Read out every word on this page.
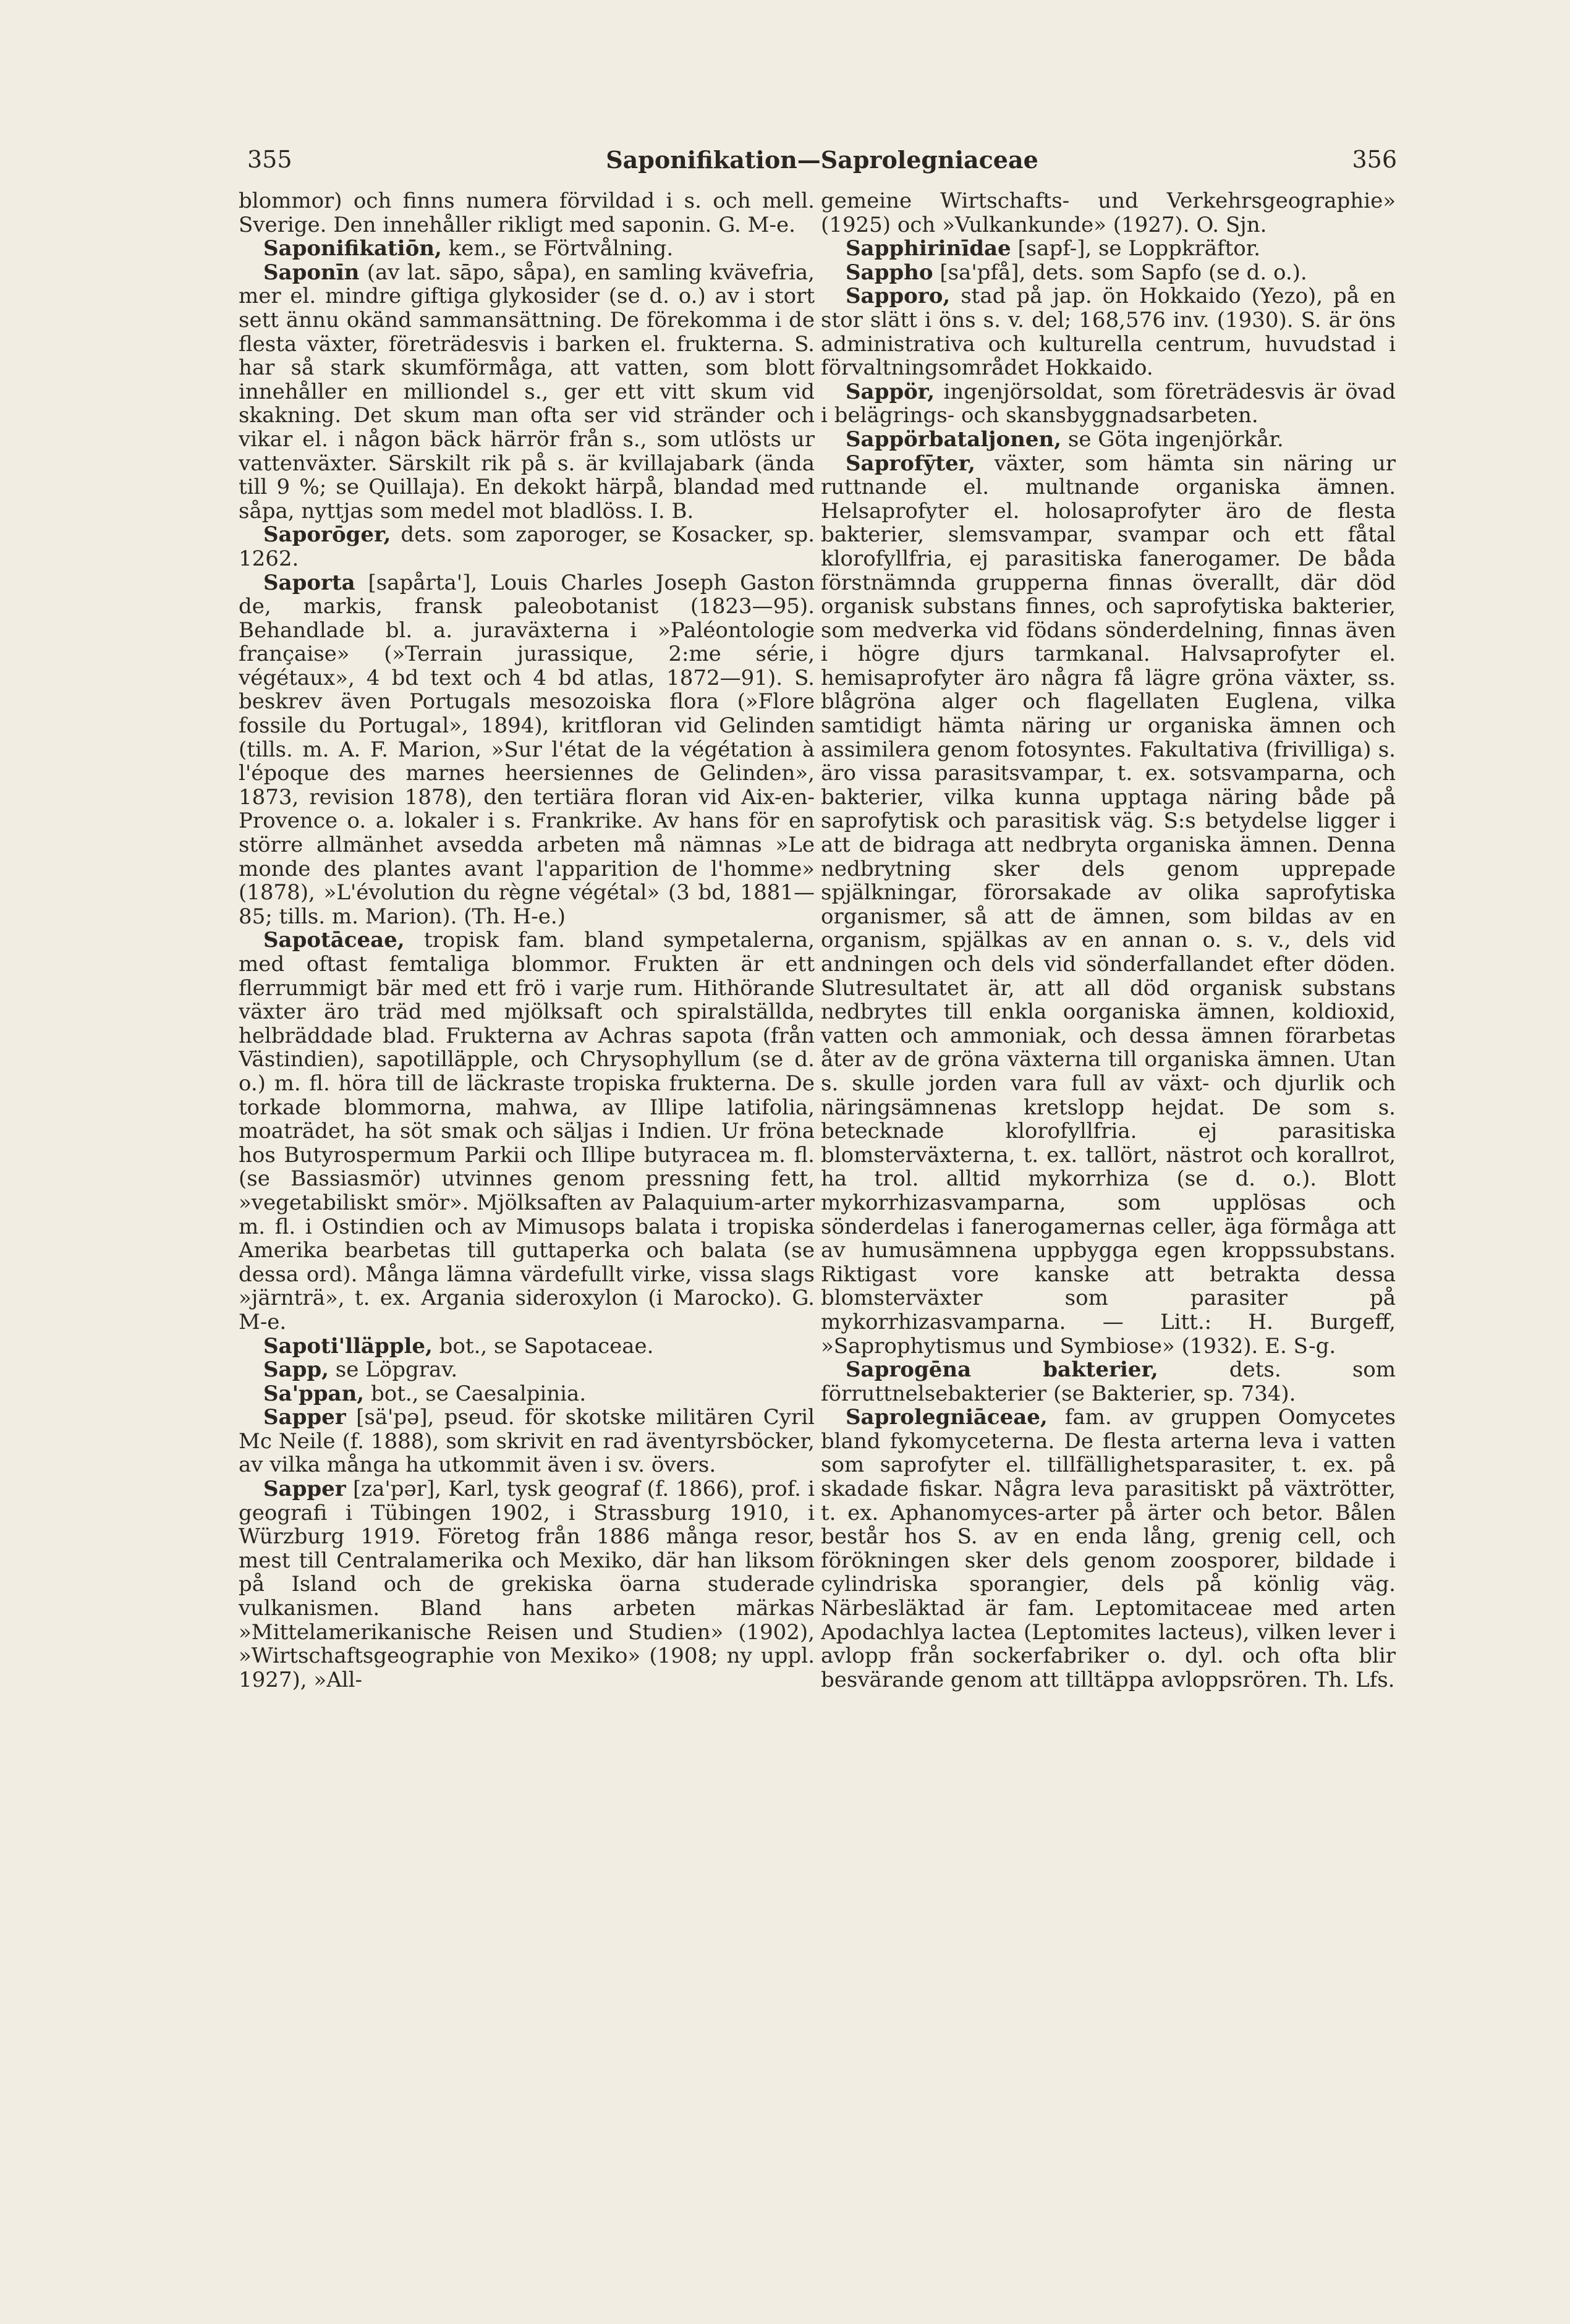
355	Saponifikation—Saprolegniaceae	356

blommor) och finns numera förvildad i s. och mell. Sverige. Den innehåller rikligt med saponin. G. M-e.

Saponifikatiōn, kem., se Förtvålning.

Saponīn (av lat. sāpo, såpa), en samling kvävefria, mer el. mindre giftiga glykosider (se d. o.) av i stort sett ännu okänd sammansättning. De förekomma i de flesta växter, företrädesvis i barken el. frukterna. S. har så stark skumförmåga, att vatten, som blott innehåller en milliondel s., ger ett vitt skum vid skakning. Det skum man ofta ser vid stränder och vikar el. i någon bäck härrör från s., som utlösts ur vattenväxter. Särskilt rik på s. är kvillajabark (ända till 9 %; se Quillaja). En dekokt härpå, blandad med såpa, nyttjas som medel mot bladlöss. I. B.

Saporōger, dets. som zaporoger, se Kosacker, sp. 1262.

Saporta [sapårta'], Louis Charles Joseph Gaston de, markis, fransk paleobotanist (1823—95). Behandlade bl. a. juraväxterna i »Paléontologie française» (»Terrain jurassique, 2:me série, végétaux», 4 bd text och 4 bd atlas, 1872—91). S. beskrev även Portugals mesozoiska flora (»Flore fossile du Portugal», 1894), kritfloran vid Gelinden (tills. m. A. F. Marion, »Sur l'état de la végétation à l'époque des marnes heersiennes de Gelinden», 1873, revision 1878), den tertiära floran vid Aix-en-Provence o. a. lokaler i s. Frankrike. Av hans för en större allmänhet avsedda arbeten må nämnas »Le monde des plantes avant l'apparition de l'homme» (1878), »L'évolution du règne végétal» (3 bd, 1881—85; tills. m. Marion). (Th. H-e.)

Sapotāceae, tropisk fam. bland sympetalerna, med oftast femtaliga blommor. Frukten är ett flerrummigt bär med ett frö i varje rum. Hithörande växter äro träd med mjölksaft och spiralställda, helbräddade blad. Frukterna av Achras sapota (från Västindien), sapotilläpple, och Chrysophyllum (se d. o.) m. fl. höra till de läckraste tropiska frukterna. De torkade blommorna, mahwa, av Illipe latifolia, moaträdet, ha söt smak och säljas i Indien. Ur fröna hos Butyrospermum Parkii och Illipe butyracea m. fl. (se Bassiasmör) utvinnes genom pressning fett, »vegetabiliskt smör». Mjölksaften av Palaquium-arter m. fl. i Ostindien och av Mimusops balata i tropiska Amerika bearbetas till guttaperka och balata (se dessa ord). Många lämna värdefullt virke, vissa slags »järnträ», t. ex. Argania sideroxylon (i Marocko). G. M-e.

Sapoti'lläpple, bot., se Sapotaceae.

Sapp, se Löpgrav.

Sa'ppan, bot., se Caesalpinia.

Sapper [sä'pə], pseud. för skotske militären Cyril Mc Neile (f. 1888), som skrivit en rad äventyrsböcker, av vilka många ha utkommit även i sv. övers.

Sapper [za'pər], Karl, tysk geograf (f. 1866), prof. i geografi i Tübingen 1902, i Strassburg 1910, i Würzburg 1919. Företog från 1886 många resor, mest till Centralamerika och Mexiko, där han liksom på Island och de grekiska öarna studerade vulkanismen. Bland hans arbeten märkas »Mittelamerikanische Reisen und Studien» (1902), »Wirtschaftsgeographie von Mexiko» (1908; ny uppl. 1927), »All-

gemeine Wirtschafts- und Verkehrsgeographie» (1925) och »Vulkankunde» (1927). O. Sjn.

Sapphirinīdae [sapf-], se Loppkräftor.

Sappho [sa'pfå], dets. som Sapfo (se d. o.).

Sapporo, stad på jap. ön Hokkaido (Yezo), på en stor slätt i öns s. v. del; 168,576 inv. (1930). S. är öns administrativa och kulturella centrum, huvudstad i förvaltningsområdet Hokkaido.

Sappör, ingenjörsoldat, som företrädesvis är övad i belägrings- och skansbyggnadsarbeten.

Sappörbataljonen, se Göta ingenjörkår.

Saprofȳter, växter, som hämta sin näring ur ruttnande el. multnande organiska ämnen. Helsaprofyter el. holosaprofyter äro de flesta bakterier, slemsvampar, svampar och ett fåtal klorofyllfria, ej parasitiska fanerogamer. De båda förstnämnda grupperna finnas överallt, där död organisk substans finnes, och saprofytiska bakterier, som medverka vid födans sönderdelning, finnas även i högre djurs tarmkanal. Halvsaprofyter el. hemisaprofyter äro några få lägre gröna växter, ss. blågröna alger och flagellaten Euglena, vilka samtidigt hämta näring ur organiska ämnen och assimilera genom fotosyntes. Fakultativa (frivilliga) s. äro vissa parasitsvampar, t. ex. sotsvamparna, och bakterier, vilka kunna upptaga näring både på saprofytisk och parasitisk väg. S:s betydelse ligger i att de bidraga att nedbryta organiska ämnen. Denna nedbrytning sker dels genom upprepade spjälkningar, förorsakade av olika saprofytiska organismer, så att de ämnen, som bildas av en organism, spjälkas av en annan o. s. v., dels vid andningen och dels vid sönderfallandet efter döden. Slutresultatet är, att all död organisk substans nedbrytes till enkla oorganiska ämnen, koldioxid, vatten och ammoniak, och dessa ämnen förarbetas åter av de gröna växterna till organiska ämnen. Utan s. skulle jorden vara full av växt- och djurlik och näringsämnenas kretslopp hejdat. De som s. betecknade klorofyllfria. ej parasitiska blomsterväxterna, t. ex. tallört, nästrot och korallrot, ha trol. alltid mykorrhiza (se d. o.). Blott mykorrhizasvamparna, som upplösas och sönderdelas i fanerogamernas celler, äga förmåga att av humusämnena uppbygga egen kroppssubstans. Riktigast vore kanske att betrakta dessa blomsterväxter som parasiter på mykorrhizasvamparna. — Litt.: H. Burgeff, »Saprophytismus und Symbiose» (1932). E. S-g.

Saprogēna bakterier,	dets. som förruttnelsebakterier (se Bakterier, sp. 734).

Saprolegniāceae, fam. av gruppen Oomycetes bland fykomyceterna. De flesta arterna leva i vatten som saprofyter el. tillfällighetsparasiter, t. ex. på skadade fiskar. Några leva parasitiskt på växtrötter, t. ex. Aphanomyces-arter på ärter och betor. Bålen består hos S. av en enda lång, grenig cell, och förökningen sker dels genom zoosporer, bildade i cylindriska sporangier, dels på könlig väg. Närbesläktad är fam. Leptomitaceae med arten Apodachlya lactea (Leptomites lacteus), vilken lever i avlopp från sockerfabriker o. dyl. och ofta blir besvärande genom att tilltäppa avloppsrören. Th. Lfs.
